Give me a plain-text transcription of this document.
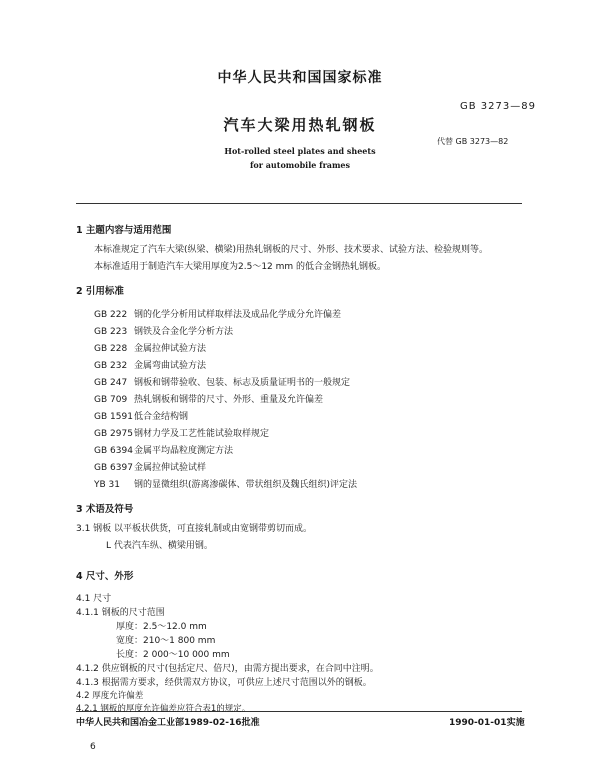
中华人民共和国国家标准
GB 3273—89
汽车大梁用热轧钢板
代替 GB 3273—82
Hot-rolled steel plates and sheets
for automobile frames
1 主题内容与适用范围
本标准规定了汽车大梁(纵梁、横梁)用热轧钢板的尺寸、外形、技术要求、试验方法、检验规则等。
本标准适用于制造汽车大梁用厚度为2.5～12 mm 的低合金钢热轧钢板。
2 引用标准
GB 222 钢的化学分析用试样取样法及成品化学成分允许偏差
GB 223 钢铁及合金化学分析方法
GB 228 金属拉伸试验方法
GB 232 金属弯曲试验方法
GB 247 钢板和钢带验收、包装、标志及质量证明书的一般规定
GB 709 热轧钢板和钢带的尺寸、外形、重量及允许偏差
GB 1591低合金结构钢
GB 2975钢材力学及工艺性能试验取样规定
GB 6394金属平均晶粒度测定方法
GB 6397金属拉伸试验试样
YB 31 钢的显微组织(游离渗碳体、带状组织及魏氏组织)评定法
3 术语及符号
3.1 钢板 以平板状供货，可直接轧制或由宽钢带剪切而成。
L 代表汽车纵、横梁用钢。
4 尺寸、外形
4.1 尺寸
4.1.1 钢板的尺寸范围
厚度：2.5～12.0 mm
宽度：210～1 800 mm
长度：2 000～10 000 mm
4.1.2 供应钢板的尺寸(包括定尺、倍尺)，由需方提出要求，在合同中注明。
4.1.3 根据需方要求，经供需双方协议，可供应上述尺寸范围以外的钢板。
4.2 厚度允许偏差
中华人民共和国冶金工业部1989-02-16批准	1990-01-01实施
6
4.2.1 钢板的厚度允许偏差应符合表1的规定。
